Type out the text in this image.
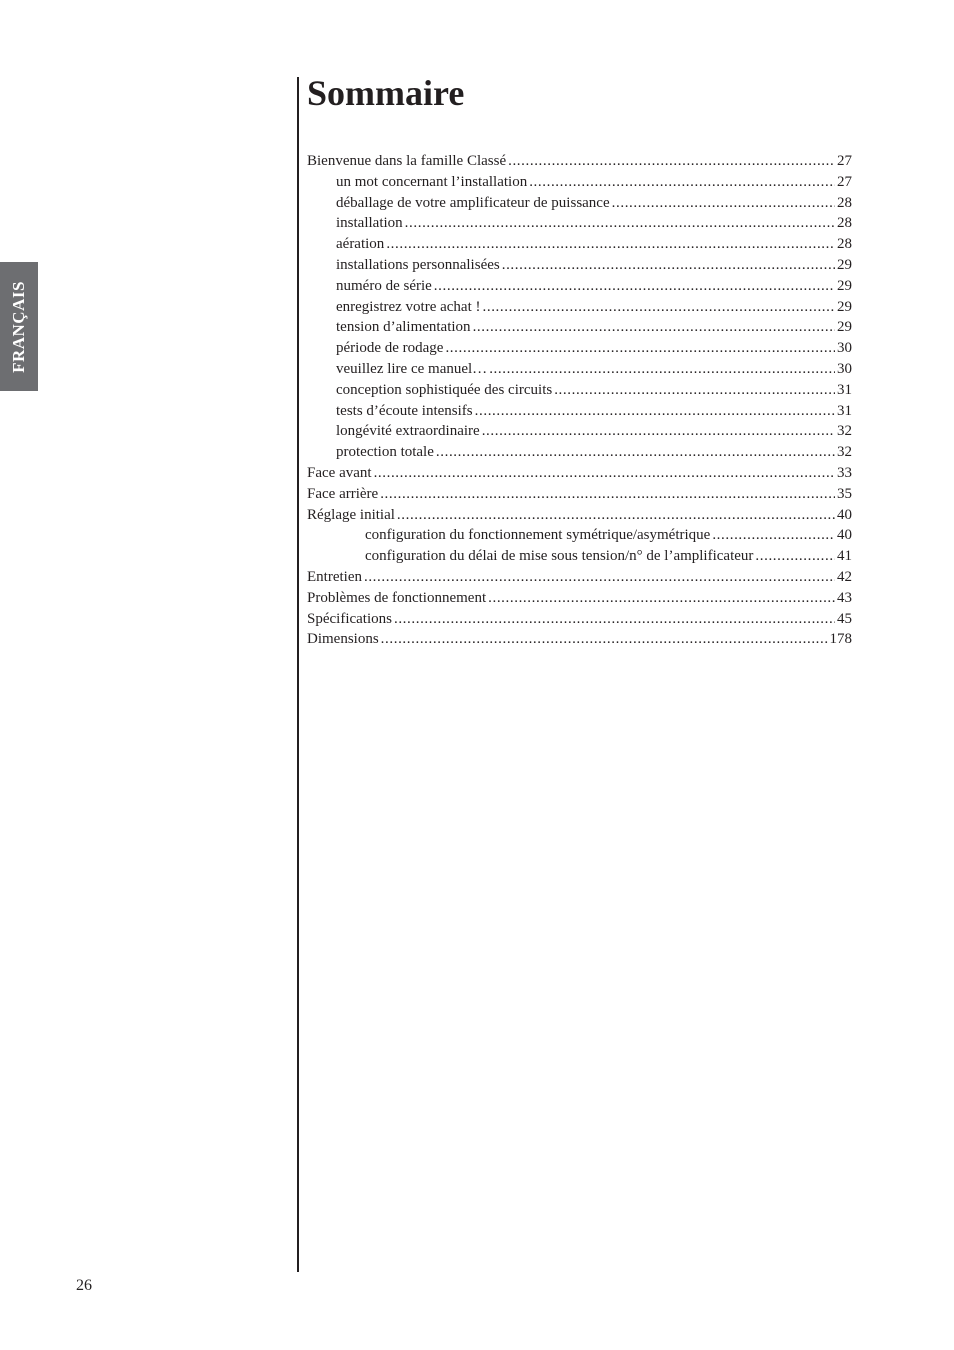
FRANÇAIS
Sommaire
Bienvenue dans la famille Classé .....	27
un mot concernant l’installation .....	27
déballage de votre amplificateur de puissance .....	28
installation .....	28
aération .....	28
installations personnalisées .....	29
numéro de série .....	29
enregistrez votre achat ! .....	29
tension d’alimentation .....	29
période de rodage .....	30
veuillez lire ce manuel… .....	30
conception sophistiquée des circuits .....	31
tests d’écoute intensifs .....	31
longévité extraordinaire .....	32
protection totale .....	32
Face avant .....	33
Face arrière .....	35
Réglage initial .....	40
configuration du fonctionnement symétrique/asymétrique .....	40
configuration du délai de mise sous tension/n° de l’amplificateur .....	41
Entretien .....	42
Problèmes de fonctionnement .....	43
Spécifications .....	45
Dimensions .....	178
26
